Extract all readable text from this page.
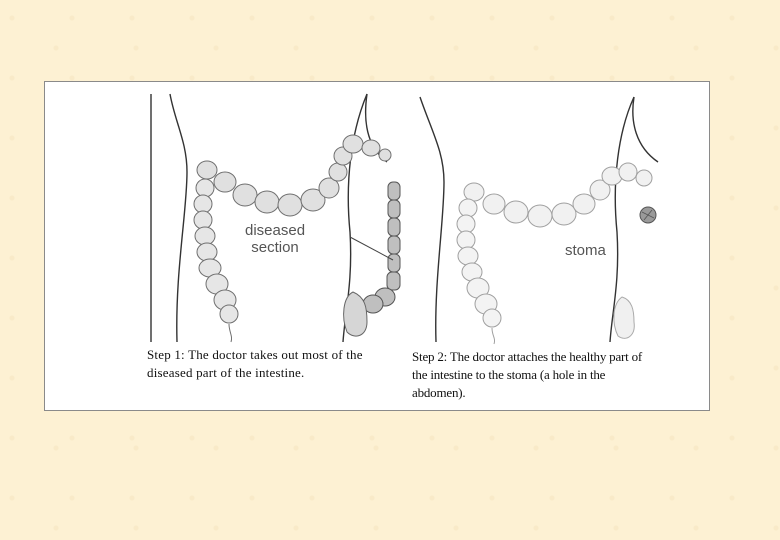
diseased
section
Step 1: The doctor takes out most of the diseased part of the intestine.
stoma
Step 2: The doctor attaches the healthy part of the intestine to the stoma (a hole in the abdomen).
